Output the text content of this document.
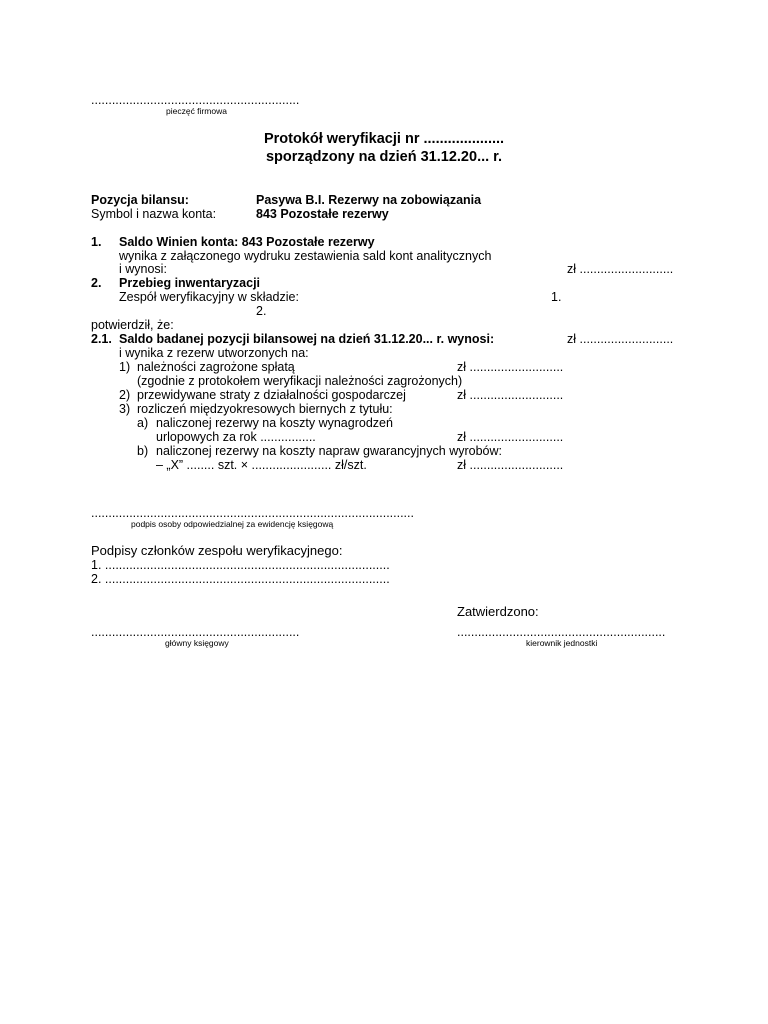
............................................................
pieczęć firmowa
Protokół weryfikacji nr ....................
sporządzony na dzień 31.12.20... r.
Pozycja bilansu:	Pasywa B.I. Rezerwy na zobowiązania
Symbol i nazwa konta:	843 Pozostałe rezerwy
1. Saldo Winien konta: 843 Pozostałe rezerwy
wynika z załączonego wydruku zestawienia sald kont analitycznych
i wynosi:	zł ...........................
2. Przebieg inwentaryzacji
Zespół weryfikacyjny w składzie:	1.
2.
potwierdził, że:
2.1. Saldo badanej pozycji bilansowej na dzień 31.12.20... r. wynosi:	zł ...........................
i wynika z rezerw utworzonych na:
1) należności zagrożone spłatą	zł ...........................
(zgodnie z protokołem weryfikacji należności zagrożonych)
2) przewidywane straty z działalności gospodarczej	zł ...........................
3) rozliczeń międzyokresowych biernych z tytułu:
a) naliczonej rezerwy na koszty wynagrodzeń
urlopowych za rok ................	zł ...........................
b) naliczonej rezerwy na koszty napraw gwarancyjnych wyrobów:
– „X” ........ szt. × ....................... zł/szt.	zł ...........................
.............................................................................................
podpis osoby odpowiedzialnej za ewidencję księgową
Podpisy członków zespołu weryfikacyjnego:
1. ..................................................................................
2. ..................................................................................
Zatwierdzono:
............................................................
główny księgowy
............................................................
kierownik jednostki
